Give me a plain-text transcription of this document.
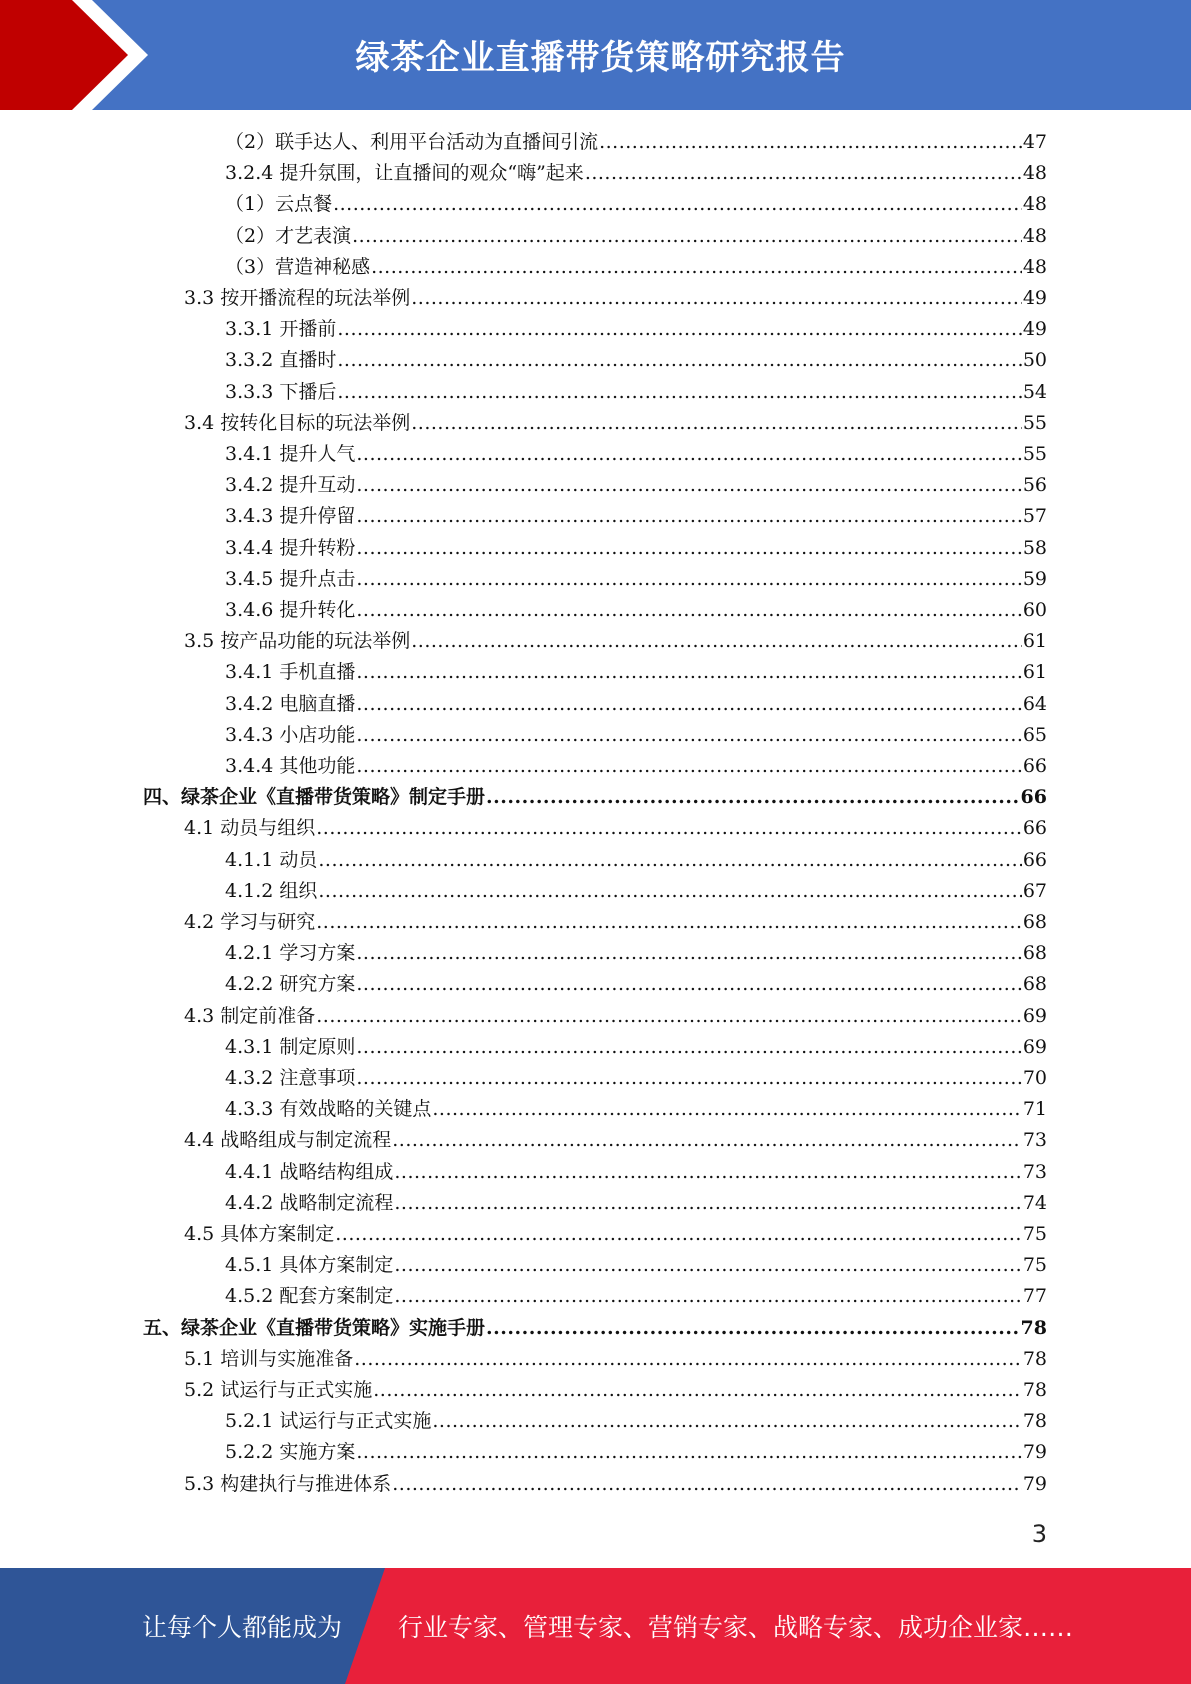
绿茶企业直播带货策略研究报告
（2）联手达人、利用平台活动为直播间引流 .....	47
3.2.4 提升氛围，让直播间的观众“嗨”起来 .....	48
（1）云点餐 .....	48
（2）才艺表演 .....	48
（3）营造神秘感 .....	48
3.3 按开播流程的玩法举例 .....	49
3.3.1 开播前 .....	49
3.3.2 直播时 .....	50
3.3.3 下播后 .....	54
3.4 按转化目标的玩法举例 .....	55
3.4.1 提升人气 .....	55
3.4.2 提升互动 .....	56
3.4.3 提升停留 .....	57
3.4.4 提升转粉 .....	58
3.4.5 提升点击 .....	59
3.4.6 提升转化 .....	60
3.5 按产品功能的玩法举例 .....	61
3.4.1 手机直播 .....	61
3.4.2 电脑直播 .....	64
3.4.3 小店功能 .....	65
3.4.4 其他功能 .....	66
四、绿茶企业《直播带货策略》制定手册 .....	66
4.1 动员与组织 .....	66
4.1.1 动员 .....	66
4.1.2 组织 .....	67
4.2 学习与研究 .....	68
4.2.1 学习方案 .....	68
4.2.2 研究方案 .....	68
4.3 制定前准备 .....	69
4.3.1 制定原则 .....	69
4.3.2 注意事项 .....	70
4.3.3 有效战略的关键点 .....	71
4.4 战略组成与制定流程 .....	73
4.4.1 战略结构组成 .....	73
4.4.2 战略制定流程 .....	74
4.5 具体方案制定 .....	75
4.5.1 具体方案制定 .....	75
4.5.2 配套方案制定 .....	77
五、绿茶企业《直播带货策略》实施手册 .....	78
5.1 培训与实施准备 .....	78
5.2 试运行与正式实施 .....	78
5.2.1 试运行与正式实施 .....	78
5.2.2 实施方案 .....	79
5.3 构建执行与推进体系 .....	79
3
让每个人都能成为 行业专家、管理专家、营销专家、战略专家、成功企业家……
